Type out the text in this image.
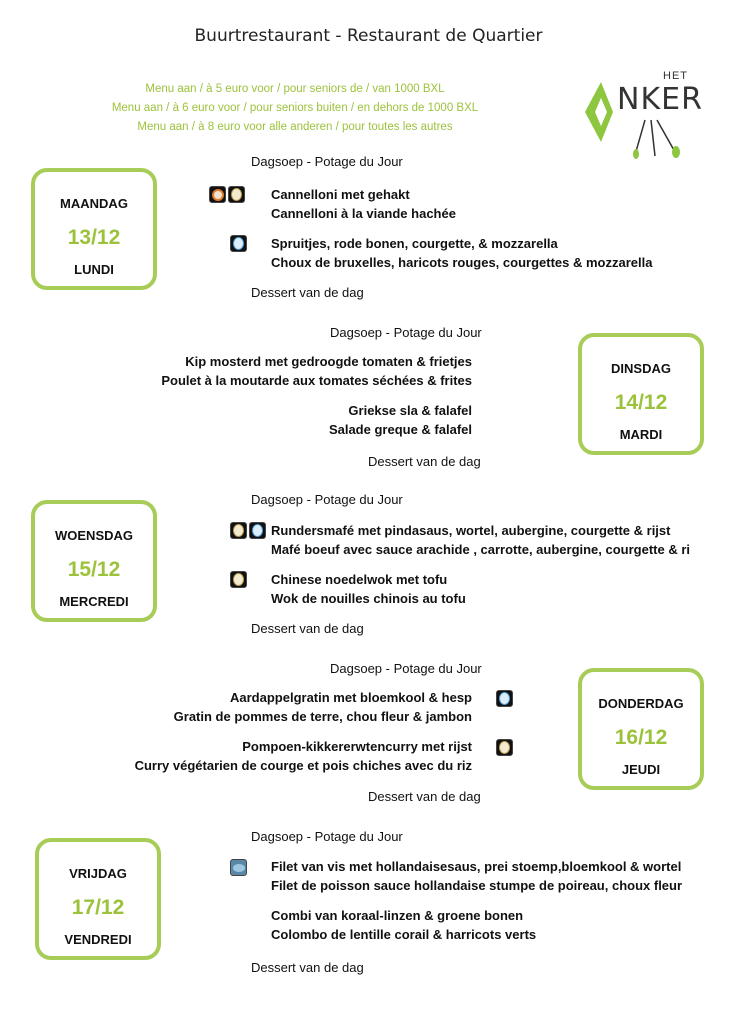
Buurtrestaurant - Restaurant de Quartier
Menu aan / à 5 euro voor / pour seniors de / van 1000 BXL
Menu aan / à 6 euro voor / pour seniors buiten / en dehors de 1000 BXL
Menu aan / à 8 euro voor alle anderen / pour toutes les autres
HET
NKER
MAANDAG
13/12
LUNDI
Dagsoep - Potage du Jour
Cannelloni met gehakt
Cannelloni à la viande hachée
Spruitjes, rode bonen, courgette, & mozzarella
Choux de bruxelles, haricots rouges, courgettes & mozzarella
Dessert van de dag
DINSDAG
14/12
MARDI
Dagsoep - Potage du Jour
Kip mosterd met gedroogde tomaten & frietjes
Poulet à la moutarde aux tomates séchées & frites
Griekse sla & falafel
Salade greque & falafel
Dessert van de dag
WOENSDAG
15/12
MERCREDI
Dagsoep - Potage du Jour
Rundersmafé met pindasaus, wortel, aubergine, courgette & rijst
Mafé boeuf avec sauce arachide , carrotte, aubergine, courgette & ri
Chinese noedelwok met tofu
Wok de nouilles chinois au tofu
Dessert van de dag
DONDERDAG
16/12
JEUDI
Dagsoep - Potage du Jour
Aardappelgratin met bloemkool & hesp
Gratin de pommes de terre, chou fleur & jambon
Pompoen-kikkererwtencurry met rijst
Curry végétarien de courge et pois chiches avec du riz
Dessert van de dag
VRIJDAG
17/12
VENDREDI
Dagsoep - Potage du Jour
Filet van vis met hollandaisesaus, prei stoemp,bloemkool & wortel
Filet de poisson sauce hollandaise stumpe de poireau, choux fleur
Combi van koraal-linzen & groene bonen
Colombo de lentille corail & harricots verts
Dessert van de dag
